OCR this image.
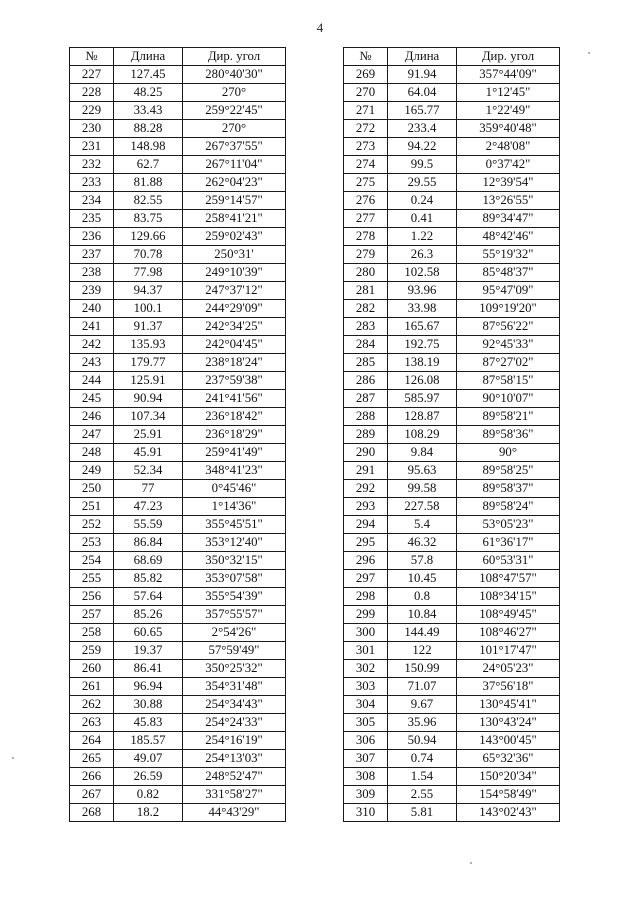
4
№	Длина	Дир. угол
227	127.45	280°40'30"
228	48.25	270°
229	33.43	259°22'45"
230	88.28	270°
231	148.98	267°37'55"
232	62.7	267°11'04"
233	81.88	262°04'23"
234	82.55	259°14'57"
235	83.75	258°41'21"
236	129.66	259°02'43"
237	70.78	250°31'
238	77.98	249°10'39"
239	94.37	247°37'12"
240	100.1	244°29'09"
241	91.37	242°34'25"
242	135.93	242°04'45"
243	179.77	238°18'24"
244	125.91	237°59'38"
245	90.94	241°41'56"
246	107.34	236°18'42"
247	25.91	236°18'29"
248	45.91	259°41'49"
249	52.34	348°41'23"
250	77	0°45'46"
251	47.23	1°14'36"
252	55.59	355°45'51"
253	86.84	353°12'40"
254	68.69	350°32'15"
255	85.82	353°07'58"
256	57.64	355°54'39"
257	85.26	357°55'57"
258	60.65	2°54'26"
259	19.37	57°59'49"
260	86.41	350°25'32"
261	96.94	354°31'48"
262	30.88	254°34'43"
263	45.83	254°24'33"
264	185.57	254°16'19"
265	49.07	254°13'03"
266	26.59	248°52'47"
267	0.82	331°58'27"
268	18.2	44°43'29"
№	Длина	Дир. угол
269	91.94	357°44'09"
270	64.04	1°12'45"
271	165.77	1°22'49"
272	233.4	359°40'48"
273	94.22	2°48'08"
274	99.5	0°37'42"
275	29.55	12°39'54"
276	0.24	13°26'55"
277	0.41	89°34'47"
278	1.22	48°42'46"
279	26.3	55°19'32"
280	102.58	85°48'37"
281	93.96	95°47'09"
282	33.98	109°19'20"
283	165.67	87°56'22"
284	192.75	92°45'33"
285	138.19	87°27'02"
286	126.08	87°58'15"
287	585.97	90°10'07"
288	128.87	89°58'21"
289	108.29	89°58'36"
290	9.84	90°
291	95.63	89°58'25"
292	99.58	89°58'37"
293	227.58	89°58'24"
294	5.4	53°05'23"
295	46.32	61°36'17"
296	57.8	60°53'31"
297	10.45	108°47'57"
298	0.8	108°34'15"
299	10.84	108°49'45"
300	144.49	108°46'27"
301	122	101°17'47"
302	150.99	24°05'23"
303	71.07	37°56'18"
304	9.67	130°45'41"
305	35.96	130°43'24"
306	50.94	143°00'45"
307	0.74	65°32'36"
308	1.54	150°20'34"
309	2.55	154°58'49"
310	5.81	143°02'43"
